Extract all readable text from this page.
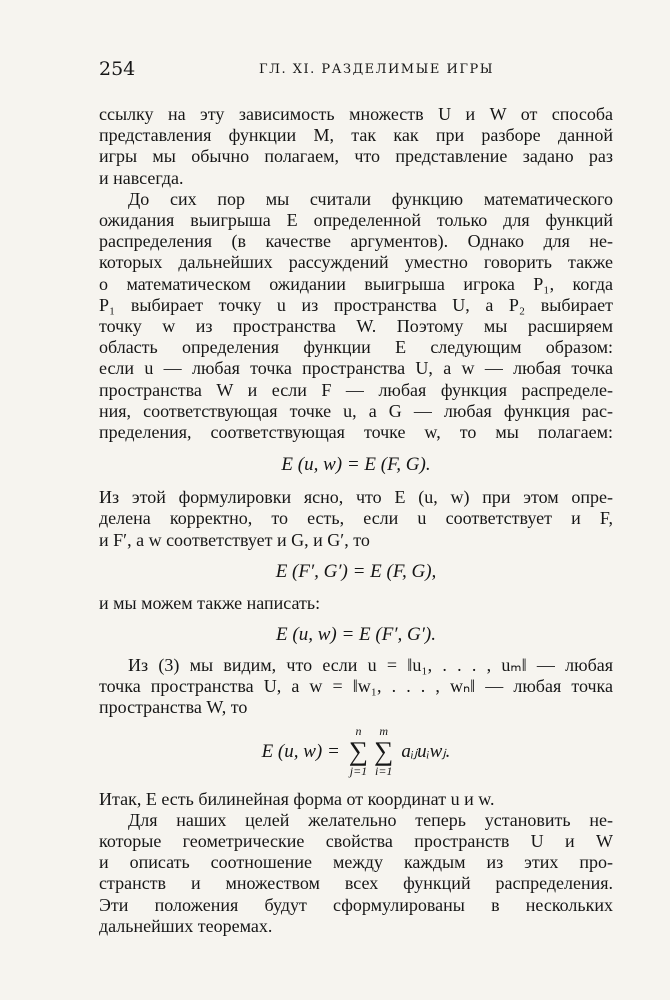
254	ГЛ. XI. РАЗДЕЛИМЫЕ ИГРЫ
ссылку на эту зависимость множеств U и W от способа
представления функции M, так как при разборе данной
игры мы обычно полагаем, что представление задано раз
и навсегда.
До сих пор мы считали функцию математического
ожидания выигрыша E определенной только для функций
распределения (в качестве аргументов). Однако для не-
которых дальнейших рассуждений уместно говорить также
о математическом ожидании выигрыша игрока P₁, когда
P₁ выбирает точку u из пространства U, а P₂ выбирает
точку w из пространства W. Поэтому мы расширяем
область определения функции E следующим образом:
если u — любая точка пространства U, а w — любая точка
пространства W и если F — любая функция распределе-
ния, соответствующая точке u, а G — любая функция рас-
пределения, соответствующая точке w, то мы полагаем:
E (u, w) = E (F, G).
Из этой формулировки ясно, что E (u, w) при этом опре-
делена корректно, то есть, если u соответствует и F,
и F′, а w соответствует и G, и G′, то
E (F′, G′) = E (F, G),
и мы можем также написать:
E (u, w) = E (F′, G′).
Из (3) мы видим, что если u = ‖u₁, . . . , uₘ‖ — любая
точка пространства U, а w = ‖w₁, . . . , wₙ‖ — любая точка
пространства W, то
E (u, w) =
n
∑
j=1
m
∑
i=1
aᵢⱼuᵢwⱼ.
Итак, E есть билинейная форма от координат u и w.
Для наших целей желательно теперь установить не-
которые геометрические свойства пространств U и W
и описать соотношение между каждым из этих про-
странств и множеством всех функций распределения.
Эти положения будут сформулированы в нескольких
дальнейших теоремах.
